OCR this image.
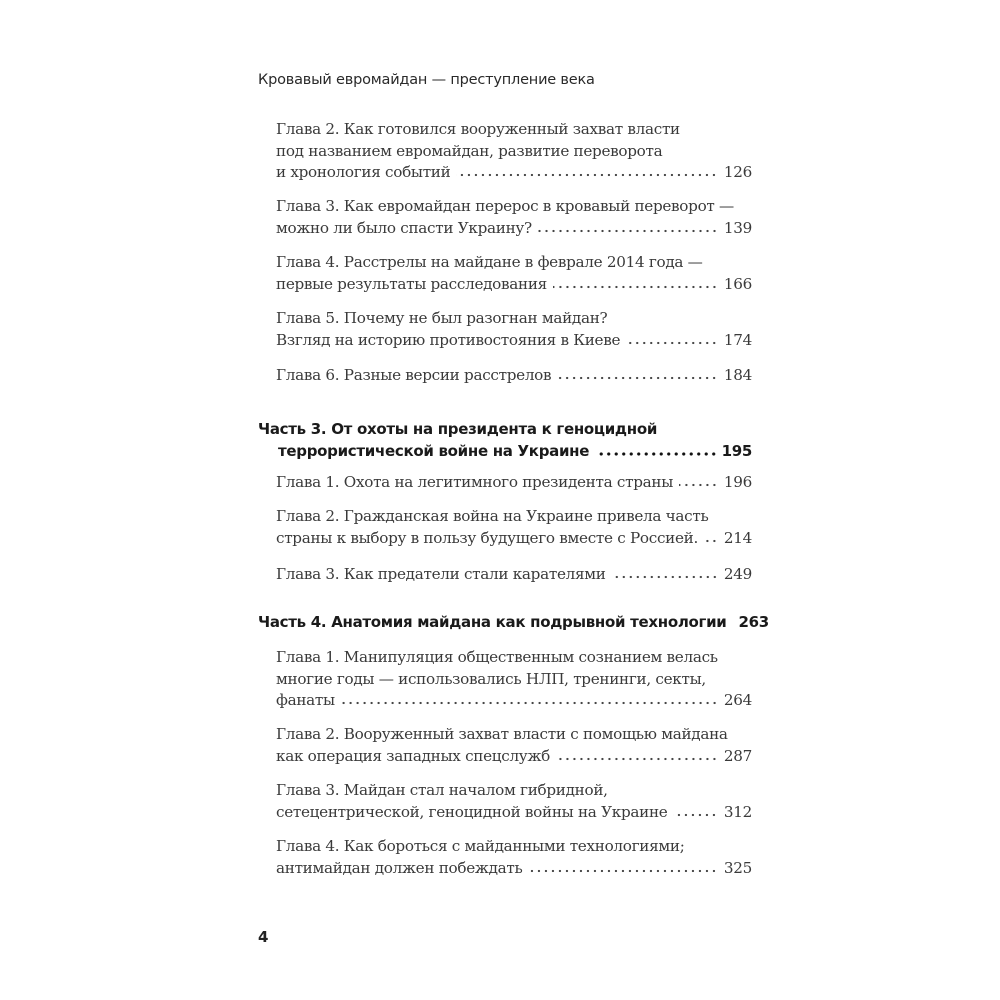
Кровавый евромайдан — преступление века
Глава 2. Как готовился вооруженный захват власти
под названием евромайдан, развитие переворота
и хронология событий	126
Глава 3. Как евромайдан перерос в кровавый переворот —
можно ли было спасти Украину?	139
Глава 4. Расстрелы на майдане в феврале 2014 года —
первые результаты расследования	166
Глава 5. Почему не был разогнан майдан?
Взгляд на историю противостояния в Киеве	174
Глава 6. Разные версии расстрелов	184
Часть 3. От охоты на президента к геноцидной
террористической войне на Украине	195
Глава 1. Охота на легитимного президента страны	196
Глава 2. Гражданская война на Украине привела часть
страны к выбору в пользу будущего вместе с Россией. 214
Глава 3. Как предатели стали карателями	249
Часть 4. Анатомия майдана как подрывной технологии 263
Глава 1. Манипуляция общественным сознанием велась
многие годы — использовались НЛП, тренинги, секты,
фанаты	264
Глава 2. Вооруженный захват власти с помощью майдана
как операция западных спецслужб	287
Глава 3. Майдан стал началом гибридной,
сетецентрической, геноцидной войны на Украине	312
Глава 4. Как бороться с майданными технологиями;
антимайдан должен побеждать	325
4
